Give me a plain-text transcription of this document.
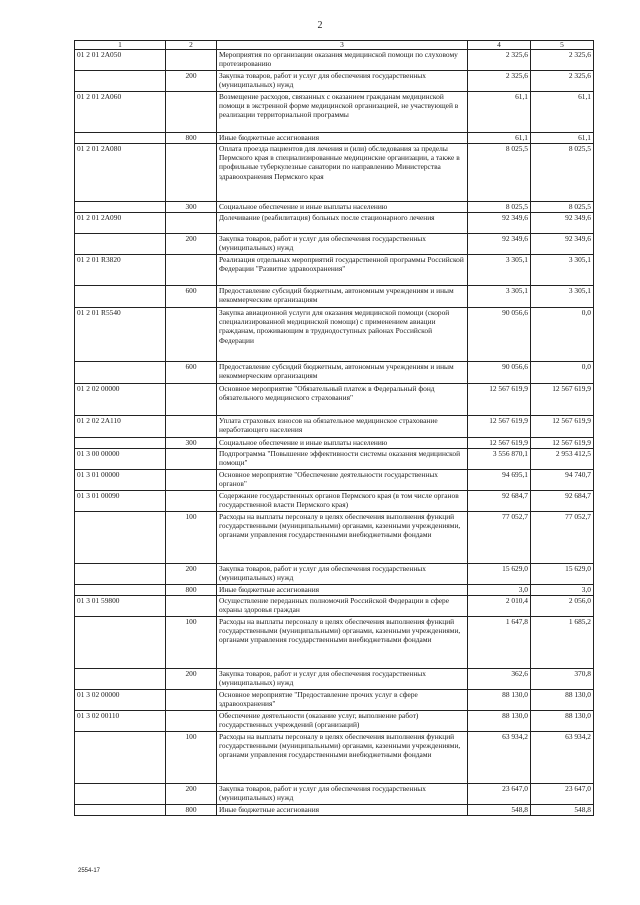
2
1	2	3	4	5
01 2 01 2А050		Мероприятия по организации оказания медицинской помощи по слуховому протезированию	2 325,6	2 325,6
	200	Закупка товаров, работ и услуг для обеспечения государственных (муниципальных) нужд	2 325,6	2 325,6
01 2 01 2А060		Возмещение расходов, связанных с оказанием гражданам медицинской помощи в экстренной форме медицинской организацией, не участвующей в реализации территориальной программы	61,1	61,1
	800	Иные бюджетные ассигнования	61,1	61,1
01 2 01 2А080		Оплата проезда пациентов для лечения и (или) обследования за пределы Пермского края в специализированные медицинские организации, а также в профильные туберкулезные санатории по направлению Министерства здравоохранения Пермского края	8 025,5	8 025,5
	300	Социальное обеспечение и иные выплаты населению	8 025,5	8 025,5
01 2 01 2А090		Долечивание (реабилитация) больных после стационарного лечения	92 349,6	92 349,6
	200	Закупка товаров, работ и услуг для обеспечения государственных (муниципальных) нужд	92 349,6	92 349,6
01 2 01 R3820		Реализация отдельных мероприятий государственной программы Российской Федерации "Развитие здравоохранения"	3 305,1	3 305,1
	600	Предоставление субсидий бюджетным, автономным учреждениям и иным некоммерческим организациям	3 305,1	3 305,1
01 2 01 R5540		Закупка авиационной услуги для оказания медицинской помощи (скорой специализированной медицинской помощи) с применением авиации гражданам, проживающим в труднодоступных районах Российской Федерации	90 056,6	0,0
	600	Предоставление субсидий бюджетным, автономным учреждениям и иным некоммерческим организациям	90 056,6	0,0
01 2 02 00000		Основное мероприятие "Обязательный платеж в Федеральный фонд обязательного медицинского страхования"	12 567 619,9	12 567 619,9
01 2 02 2А110		Уплата страховых взносов на обязательное медицинское страхование неработающего населения	12 567 619,9	12 567 619,9
	300	Социальное обеспечение и иные выплаты населению	12 567 619,9	12 567 619,9
01 3 00 00000		Подпрограмма "Повышение эффективности системы оказания медицинской помощи"	3 556 870,1	2 953 412,5
01 3 01 00000		Основное мероприятие "Обеспечение деятельности государственных органов"	94 695,1	94 740,7
01 3 01 00090		Содержание государственных органов Пермского края (в том числе органов государственной власти Пермского края)	92 684,7	92 684,7
	100	Расходы на выплаты персоналу в целях обеспечения выполнения функций государственными (муниципальными) органами, казенными учреждениями, органами управления государственными внебюджетными фондами	77 052,7	77 052,7
	200	Закупка товаров, работ и услуг для обеспечения государственных (муниципальных) нужд	15 629,0	15 629,0
	800	Иные бюджетные ассигнования	3,0	3,0
01 3 01 59800		Осуществление переданных полномочий Российской Федерации в сфере охраны здоровья граждан	2 010,4	2 056,0
	100	Расходы на выплаты персоналу в целях обеспечения выполнения функций государственными (муниципальными) органами, казенными учреждениями, органами управления государственными внебюджетными фондами	1 647,8	1 685,2
	200	Закупка товаров, работ и услуг для обеспечения государственных (муниципальных) нужд	362,6	370,8
01 3 02 00000		Основное мероприятие "Предоставление прочих услуг в сфере здравоохранения"	88 130,0	88 130,0
01 3 02 00110		Обеспечение деятельности (оказание услуг, выполнение работ) государственных учреждений (организаций)	88 130,0	88 130,0
	100	Расходы на выплаты персоналу в целях обеспечения выполнения функций государственными (муниципальными) органами, казенными учреждениями, органами управления государственными внебюджетными фондами	63 934,2	63 934,2
	200	Закупка товаров, работ и услуг для обеспечения государственных (муниципальных) нужд	23 647,0	23 647,0
	800	Иные бюджетные ассигнования	548,8	548,8
2554-17
